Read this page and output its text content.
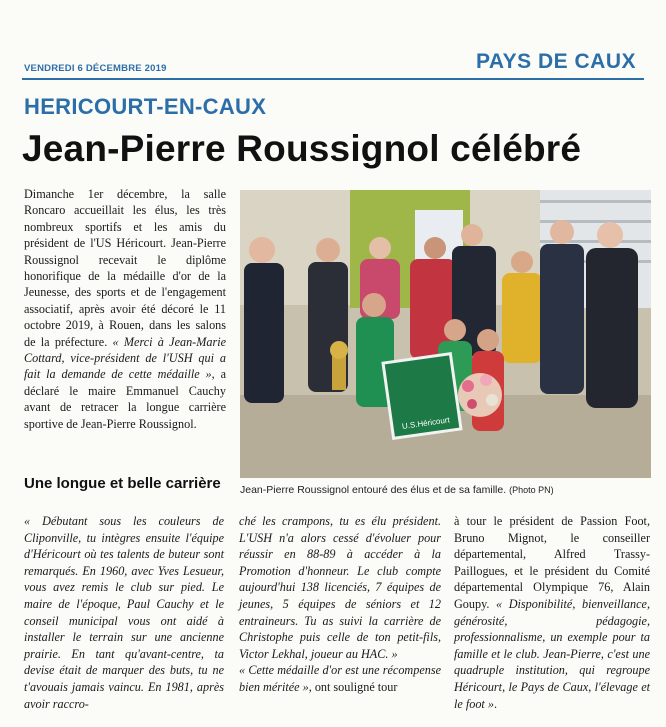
VENDREDI 6 DÉCEMBRE 2019	PAYS DE CAUX
HERICOURT-EN-CAUX
Jean-Pierre Roussignol célébré

Dimanche 1er décembre, la salle Roncaro accueillait les élus, les très nombreux sportifs et les amis du président de l'US Héricourt. Jean-Pierre Roussignol recevait le diplôme honorifique de la médaille d'or de la Jeunesse, des sports et de l'engagement associatif, après avoir été décoré le 11 octobre 2019, à Rouen, dans les salons de la préfecture. « Merci à Jean-Marie Cottard, vice-président de l'USH qui a fait la demande de cette médaille », a déclaré le maire Emmanuel Cauchy avant de retracer la longue carrière sportive de Jean-Pierre Roussignol.

Une longue et belle carrière
U.S.Héricourt
Jean-Pierre Roussignol entouré des élus et de sa famille. (Photo PN)

« Débutant sous les couleurs de Cliponville, tu intègres ensuite l'équipe d'Héricourt où tes talents de buteur sont remarqués. En 1960, avec Yves Lesueur, vous avez remis le club sur pied. Le maire de l'époque, Paul Cauchy et le conseil municipal vous ont aidé à installer le terrain sur une ancienne prairie. En tant qu'avant-centre, ta devise était de marquer des buts, tu ne t'avouais jamais vaincu. En 1981, après avoir raccro-

ché les crampons, tu es élu président. L'USH n'a alors cessé d'évoluer pour réussir en 88-89 à accéder à la Promotion d'honneur. Le club compte aujourd'hui 138 licenciés, 7 équipes de jeunes, 5 équipes de séniors et 12 entraineurs. Tu as suivi la carrière de Christophe puis celle de ton petit-fils, Victor Lekhal, joueur au HAC. »
« Cette médaille d'or est une récompense bien méritée », ont souligné tour

à tour le président de Passion Foot, Bruno Mignot, le conseiller départemental, Alfred Trassy-Paillogues, et le président du Comité départemental Olympique 76, Alain Goupy. « Disponibilité, bienveillance, générosité, pédagogie, professionnalisme, un exemple pour ta famille et le club. Jean-Pierre, c'est une quadruple institution, qui regroupe Héricourt, le Pays de Caux, l'élevage et le foot ».
